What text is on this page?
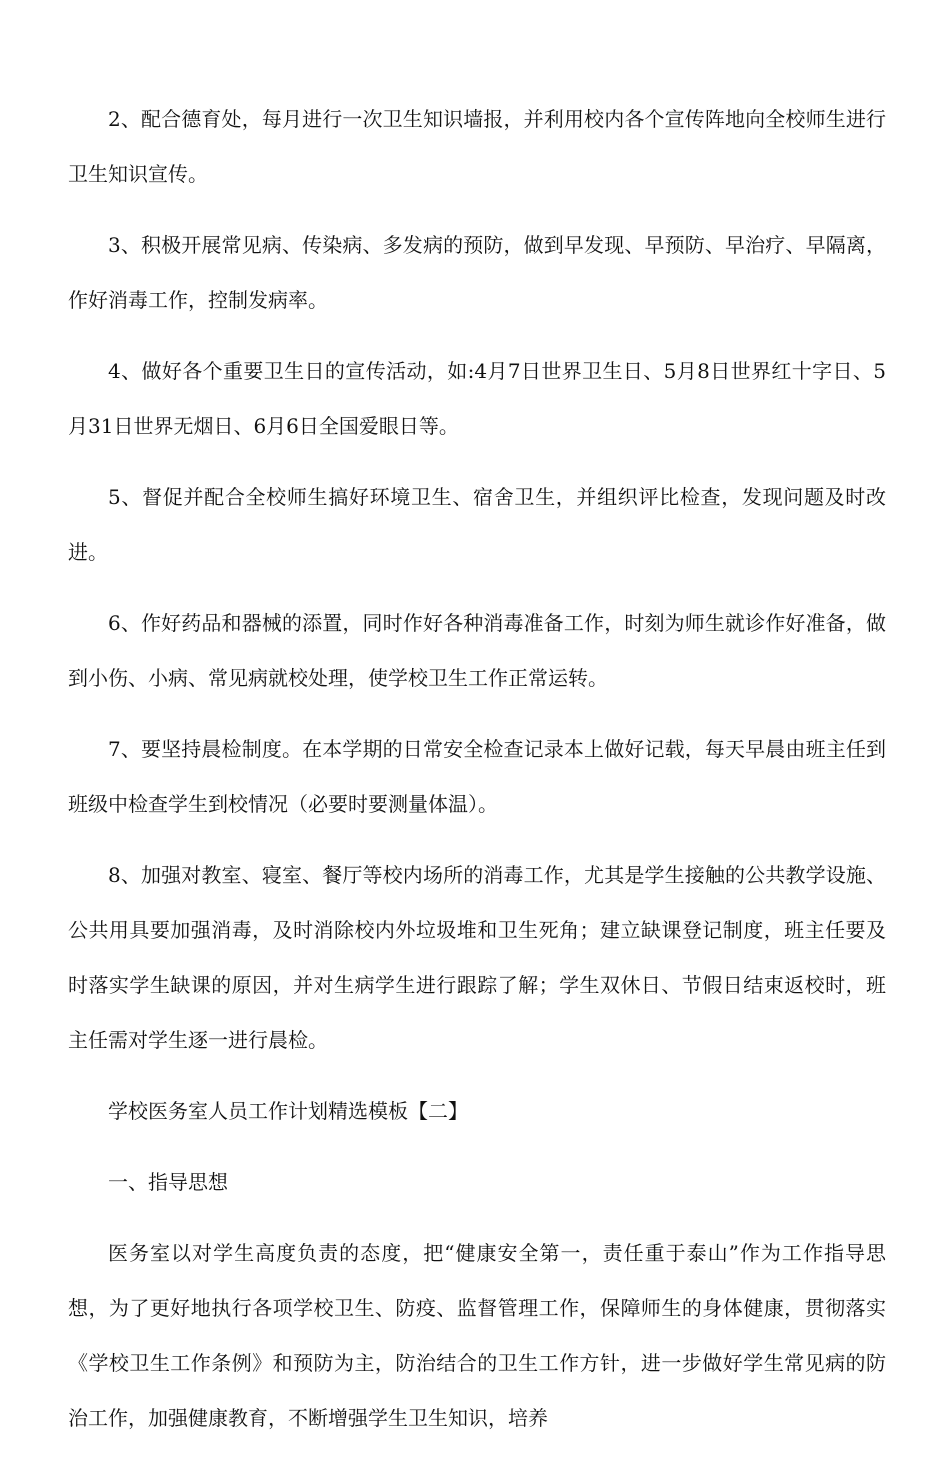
2、配合德育处，每月进行一次卫生知识墙报，并利用校内各个宣传阵地向全校师生进行卫生知识宣传。

3、积极开展常见病、传染病、多发病的预防，做到早发现、早预防、早治疗、早隔离，作好消毒工作，控制发病率。

4、做好各个重要卫生日的宣传活动，如:4月7日世界卫生日、5月8日世界红十字日、5月31日世界无烟日、6月6日全国爱眼日等。

5、督促并配合全校师生搞好环境卫生、宿舍卫生，并组织评比检查，发现问题及时改进。

6、作好药品和器械的添置，同时作好各种消毒准备工作，时刻为师生就诊作好准备，做到小伤、小病、常见病就校处理，使学校卫生工作正常运转。

7、要坚持晨检制度。在本学期的日常安全检查记录本上做好记载，每天早晨由班主任到班级中检查学生到校情况（必要时要测量体温）。

8、加强对教室、寝室、餐厅等校内场所的消毒工作，尤其是学生接触的公共教学设施、公共用具要加强消毒，及时消除校内外垃圾堆和卫生死角；建立缺课登记制度，班主任要及时落实学生缺课的原因，并对生病学生进行跟踪了解；学生双休日、节假日结束返校时，班主任需对学生逐一进行晨检。

学校医务室人员工作计划精选模板【二】

一、指导思想

医务室以对学生高度负责的态度，把“健康安全第一，责任重于泰山”作为工作指导思想，为了更好地执行各项学校卫生、防疫、监督管理工作，保障师生的身体健康，贯彻落实《学校卫生工作条例》和预防为主，防治结合的卫生工作方针，进一步做好学生常见病的防治工作，加强健康教育，不断增强学生卫生知识，培养
